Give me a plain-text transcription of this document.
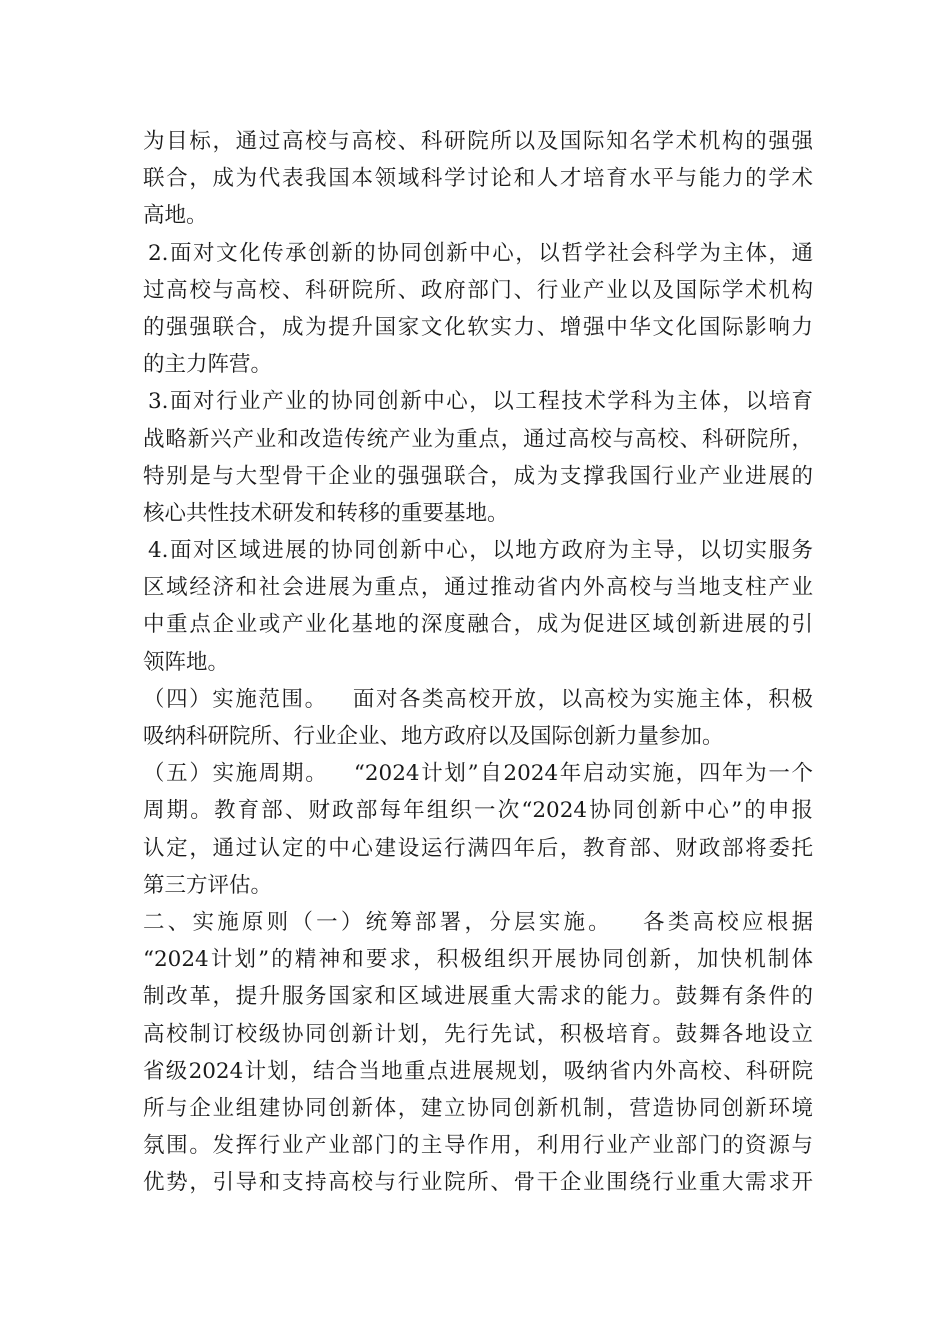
为目标，通过高校与高校、科研院所以及国际知名学术机构的强强
联合，成为代表我国本领域科学讨论和人才培育水平与能力的学术
高地。
2.面对文化传承创新的协同创新中心，以哲学社会科学为主体，通
过高校与高校、科研院所、政府部门、行业产业以及国际学术机构
的强强联合，成为提升国家文化软实力、增强中华文化国际影响力
的主力阵营。
3.面对行业产业的协同创新中心，以工程技术学科为主体，以培育
战略新兴产业和改造传统产业为重点，通过高校与高校、科研院所，
特别是与大型骨干企业的强强联合，成为支撑我国行业产业进展的
核心共性技术研发和转移的重要基地。
4.面对区域进展的协同创新中心，以地方政府为主导，以切实服务
区域经济和社会进展为重点，通过推动省内外高校与当地支柱产业
中重点企业或产业化基地的深度融合，成为促进区域创新进展的引
领阵地。
（四）实施范围。   面对各类高校开放，以高校为实施主体，积极
吸纳科研院所、行业企业、地方政府以及国际创新力量参加。
（五）实施周期。   “2024计划”自2024年启动实施，四年为一个
周期。教育部、财政部每年组织一次“2024协同创新中心”的申报
认定，通过认定的中心建设运行满四年后，教育部、财政部将委托
第三方评估。
二、实施原则（一）统筹部署，分层实施。   各类高校应根据
“2024计划”的精神和要求，积极组织开展协同创新，加快机制体
制改革，提升服务国家和区域进展重大需求的能力。鼓舞有条件的
高校制订校级协同创新计划，先行先试，积极培育。鼓舞各地设立
省级2024计划，结合当地重点进展规划，吸纳省内外高校、科研院
所与企业组建协同创新体，建立协同创新机制，营造协同创新环境
氛围。发挥行业产业部门的主导作用，利用行业产业部门的资源与
优势，引导和支持高校与行业院所、骨干企业围绕行业重大需求开
